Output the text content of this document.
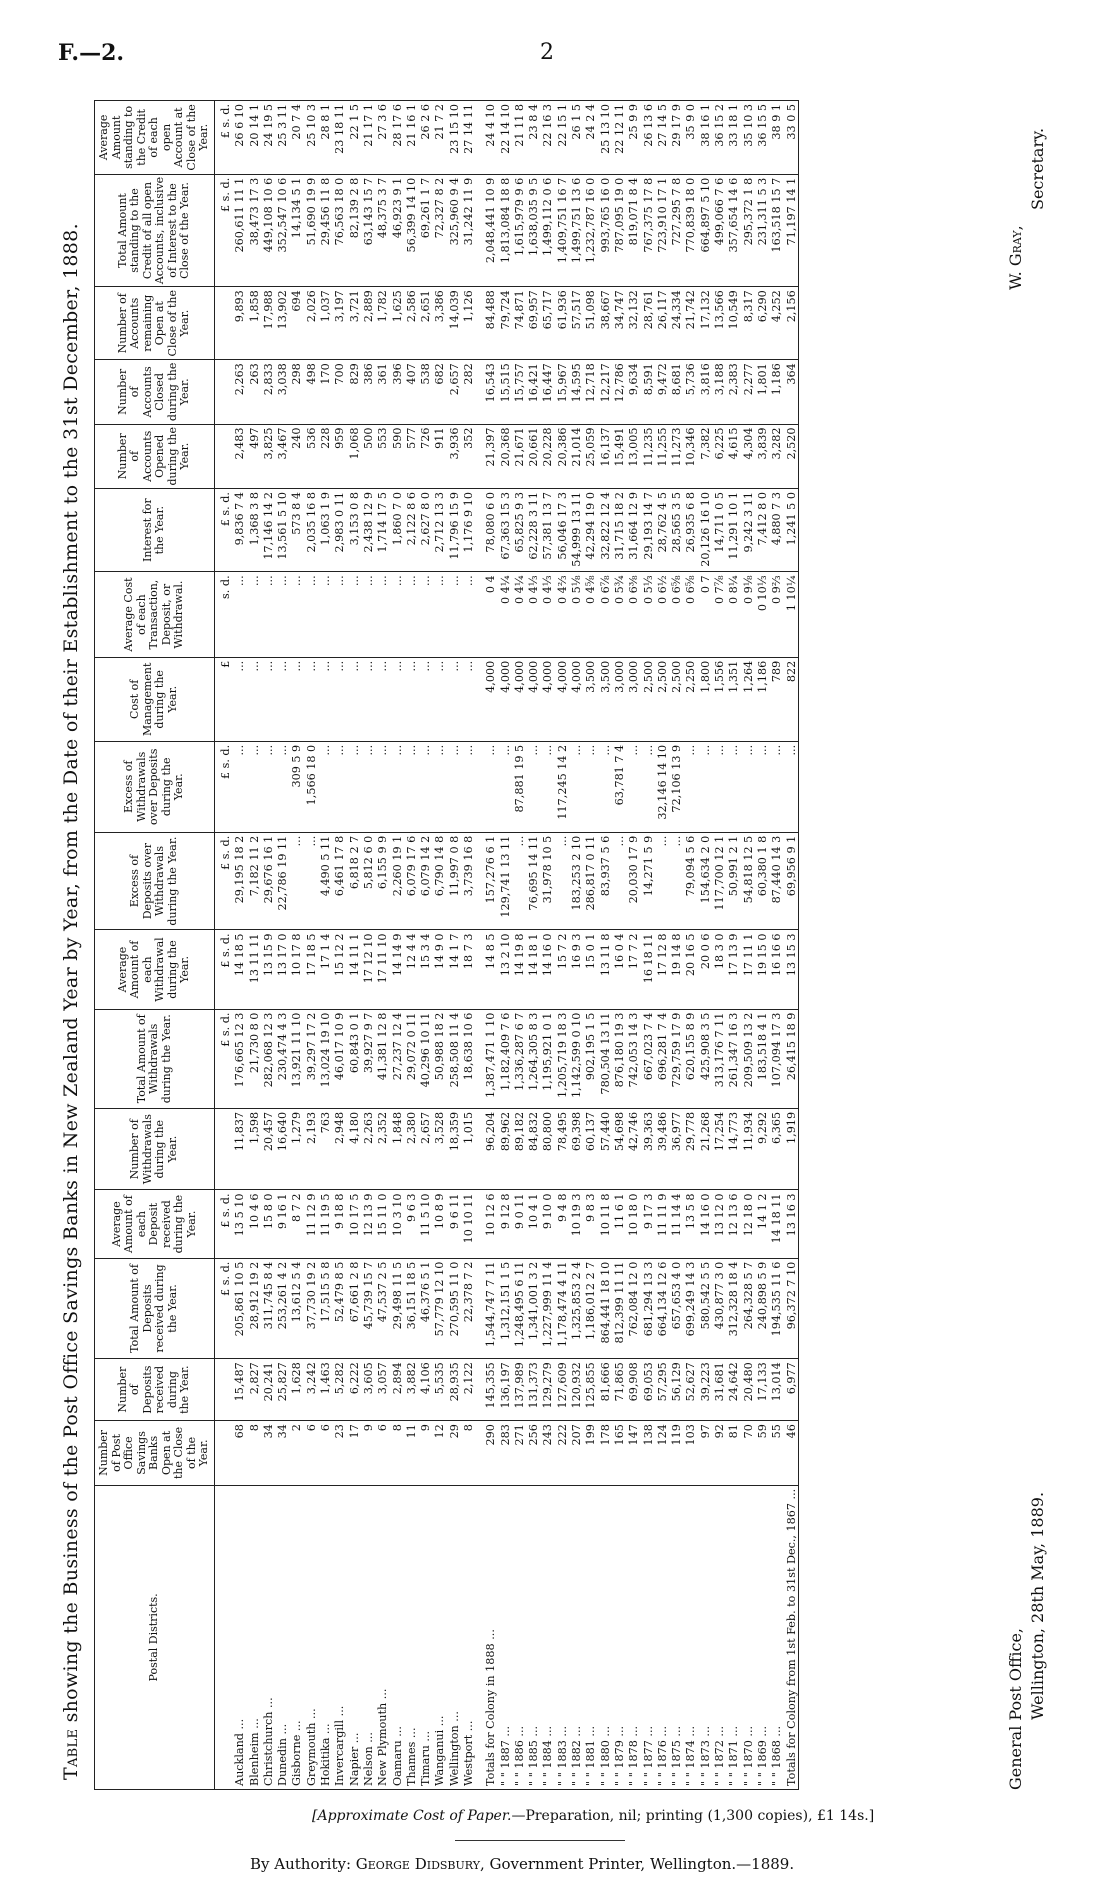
F.—2.	2
Table showing the Business of the Post Office Savings Banks in New Zealand Year by Year, from the Date of their Establishment to the 31st December, 1888.	Postal Districts.	Number of Post Office Savings Banks Open at the Close of the Year.	Number of Deposits received during the Year.	Total Amount of Deposits received during the Year.	Average Amount of each Deposit received during the Year.	Number of Withdrawals during the Year.	Total Amount of Withdrawals during the Year.	Average Amount of each Withdrawal during the Year.	Excess of Deposits over Withdrawals during the Year.	Excess of Withdrawals over Deposits during the Year.	Cost of Management during the Year.	Average Cost of each Transaction, Deposit, or Withdrawal.	Interest for the Year.	Number of Accounts Opened during the Year.	Number of Accounts Closed during the Year.	Number of Accounts remaining Open at Close of the Year.	Total Amount standing to the Credit of all open Accounts, inclusive of Interest to the Close of the Year.	Average Amount standing to the Credit of each open Account at Close of the Year.
			£ s. d.	£ s. d.		£ s. d.	£ s. d.	£ s. d.	£ s. d.	£	s. d.	£ s. d.				£ s. d.	£ s. d.
Auckland ...	68	15,487	205,861 10 5	13 5 10	11,837	176,665 12 3	14 18 5	29,195 18 2	...	...	...	9,836 7 4	2,483	2,263	9,893	260,611 11 1	26 6 10
Blenheim ...	8	2,827	28,912 19 2	10 4 6	1,598	21,730 8 0	13 11 11	7,182 11 2	...	...	...	1,368 3 8	497	263	1,858	38,473 17 3	20 14 1
Christchurch ...	34	20,241	311,745 8 4	15 8 0	20,457	282,068 12 3	13 15 9	29,676 16 1	...	...	...	17,146 14 2	3,825	2,833	17,988	449,108 10 6	24 19 5
Dunedin ...	34	25,827	253,261 4 2	9 16 1	16,640	230,474 4 3	13 17 0	22,786 19 11	...	...	...	13,561 5 10	3,467	3,038	13,902	352,547 10 6	25 3 11
Gisborne ...	2	1,628	13,612 5 4	8 7 2	1,279	13,921 11 10	10 17 8	...	309 5 9	...	...	573 8 4	240	298	694	14,134 5 1	20 7 4
Greymouth ...	6	3,242	37,730 19 2	11 12 9	2,193	39,297 17 2	17 18 5	...	1,566 18 0	...	...	2,035 16 8	536	498	2,026	51,690 19 9	25 10 3
Hokitika ...	6	1,463	17,515 5 8	11 19 5	763	13,024 19 10	17 1 4	4,490 5 11	...	...	...	1,063 1 9	228	170	1,037	29,456 11 8	28 8 1
Invercargill ...	23	5,282	52,479 8 5	9 18 8	2,948	46,017 10 9	15 12 2	6,461 17 8	...	...	...	2,983 0 11	959	700	3,197	76,563 18 0	23 18 11
Napier ...	17	6,222	67,661 2 8	10 17 5	4,180	60,843 0 1	14 11 1	6,818 2 7	...	...	...	3,153 0 8	1,068	829	3,721	82,139 2 8	22 1 5
Nelson ...	9	3,605	45,739 15 7	12 13 9	2,263	39,927 9 7	17 12 10	5,812 6 0	...	...	...	2,438 12 9	500	386	2,889	63,143 15 7	21 17 1
New Plymouth ...	6	3,057	47,537 2 5	15 11 0	2,352	41,381 12 8	17 11 10	6,155 9 9	...	...	...	1,714 17 5	553	361	1,782	48,375 3 7	27 3 6
Oamaru ...	8	2,894	29,498 11 5	10 3 10	1,848	27,237 12 4	14 14 9	2,260 19 1	...	...	...	1,860 7 0	590	396	1,625	46,923 9 1	28 17 6
Thames ...	11	3,882	36,151 18 5	9 6 3	2,380	29,072 0 11	12 4 4	6,079 17 6	...	...	...	2,122 8 6	577	407	2,586	56,399 14 10	21 16 1
Timaru ...	9	4,106	46,376 5 1	11 5 10	2,657	40,296 10 11	15 3 4	6,079 14 2	...	...	...	2,627 8 0	726	538	2,651	69,261 1 7	26 2 6
Wanganui ...	12	5,535	57,779 12 10	10 8 9	3,528	50,988 18 2	14 9 0	6,790 14 8	...	...	...	2,712 13 3	911	682	3,386	72,327 8 2	21 7 2
Wellington ...	29	28,935	270,595 11 0	9 6 11	18,359	258,508 11 4	14 1 7	11,997 0 8	...	...	...	11,796 15 9	3,936	2,657	14,039	325,960 9 4	23 15 10
Westport ...	8	2,122	22,378 7 2	10 10 11	1,015	18,638 10 6	18 7 3	3,739 16 8	...	...	...	1,176 9 10	352	282	1,126	31,242 11 9	27 14 11

Totals for Colony in 1888 ...	290	145,355	1,544,747 7 11	10 12 6	96,204	1,387,471 1 10	14 8 5	157,276 6 1	...	4,000	0 4	78,080 6 0	21,397	16,543	84,488	2,048,441 10 9	24 4 10
" " 1887 ...	283	136,197	1,312,151 1 5	9 12 8	89,962	1,182,409 7 6	13 2 10	129,741 13 11	...	4,000	0 4¼	67,363 15 3	20,368	15,515	79,724	1,813,084 18 8	22 14 10
" " 1886 ...	271	137,989	1,248,495 6 11	9 0 11	89,182	1,336,287 6 7	14 19 8	...	87,881 19 5	4,000	0 4¼	65,825 9 3	21,671	15,757	74,871	1,615,979 9 6	21 11 8
" " 1885 ...	256	131,373	1,341,001 3 2	10 4 1	84,832	1,264,305 8 3	14 18 1	76,695 14 11	...	4,000	0 4⅓	62,228 3 11	20,661	16,421	69,957	1,638,035 9 5	23 8 4
" " 1884 ...	243	129,279	1,227,999 11 4	9 10 0	80,800	1,195,921 0 1	14 16 0	31,978 10 5	...	4,000	0 4⅓	57,381 13 7	20,228	16,447	65,717	1,499,112 0 6	22 16 3
" " 1883 ...	222	127,609	1,178,474 4 11	9 4 8	78,495	1,205,719 18 3	15 7 2	...	117,245 14 2	4,000	0 4⅔	56,046 17 3	20,386	15,967	61,936	1,409,751 16 7	22 15 1
" " 1882 ...	207	120,932	1,325,853 2 4	10 19 3	69,398	1,142,599 0 10	16 9 3	183,253 2 10	...	4,000	0 5⅛	54,999 13 11	21,014	14,595	57,517	1,499,751 13 6	26 1 5
" " 1881 ...	199	125,855	1,186,012 2 7	9 8 3	60,137	902,195 1 5	15 0 1	286,817 0 11	...	3,500	0 4⅝	42,294 19 0	25,059	12,718	51,098	1,232,787 16 0	24 2 4
" " 1880 ...	178	81,666	864,441 18 10	10 11 8	57,440	780,504 13 11	13 11 8	83,937 5 6	...	3,500	0 6⅞	32,822 12 4	16,137	12,217	38,667	993,765 16 0	25 13 10
" " 1879 ...	165	71,865	812,399 11 11	11 6 1	54,698	876,180 19 3	16 0 4	...	63,781 7 4	3,000	0 5¾	31,715 18 2	15,491	12,786	34,747	787,095 19 0	22 12 11
" " 1878 ...	147	69,908	762,084 12 0	10 18 0	42,746	742,053 14 3	17 7 2	20,030 17 9	...	3,000	0 6⅜	31,664 12 9	13,005	9,634	32,132	819,071 8 4	25 9 9
" " 1877 ...	138	69,053	681,294 13 3	9 17 3	39,363	667,023 7 4	16 18 11	14,271 5 9	...	2,500	0 5⅓	29,193 14 7	11,235	8,591	28,761	767,375 17 8	26 13 6
" " 1876 ...	124	57,295	664,134 12 6	11 11 9	39,486	696,281 7 4	17 12 8	...	32,146 14 10	2,500	0 6½	28,762 4 5	11,255	9,472	26,117	723,910 17 1	27 14 5
" " 1875 ...	119	56,129	657,653 4 0	11 14 4	36,977	729,759 17 9	19 14 8	...	72,106 13 9	2,500	0 6⅝	28,565 3 5	11,273	8,681	24,334	727,295 7 8	29 17 9
" " 1874 ...	103	52,627	699,249 14 3	13 5 8	29,778	620,155 8 9	20 16 5	79,094 5 6	...	2,250	0 6⅝	26,935 6 8	10,346	5,736	21,742	770,839 18 0	35 9 0
" " 1873 ...	97	39,223	580,542 5 5	14 16 0	21,268	425,908 3 5	20 0 6	154,634 2 0	...	1,800	0 7	20,126 16 10	7,382	3,816	17,132	664,897 5 10	38 16 1
" " 1872 ...	92	31,681	430,877 3 0	13 12 0	17,254	313,176 7 11	18 3 0	117,700 12 1	...	1,556	0 7⅞	14,711 0 5	6,225	3,188	13,566	499,066 7 6	36 15 2
" " 1871 ...	81	24,642	312,328 18 4	12 13 6	14,773	261,347 16 3	17 13 9	50,991 2 1	...	1,351	0 8¼	11,291 10 1	4,615	2,383	10,549	357,654 14 6	33 18 1
" " 1870 ...	70	20,480	264,328 5 7	12 18 0	11,934	209,509 13 2	17 11 1	54,818 12 5	...	1,264	0 9⅛	9,242 3 11	4,304	2,277	8,317	295,372 1 8	35 10 3
" " 1869 ...	59	17,133	240,898 5 9	14 1 2	9,292	183,518 4 1	19 15 0	60,380 1 8	...	1,186	0 10⅓	7,412 8 0	3,839	1,801	6,290	231,311 5 3	36 15 5
" " 1868 ...	55	13,014	194,535 11 6	14 18 11	6,365	107,094 17 3	16 16 6	87,440 14 3	...	789	0 9⅔	4,880 7 3	3,282	1,186	4,252	163,518 15 7	38 9 1
Totals for Colony from 1st Feb. to 31st Dec., 1867 ...	46	6,977	96,372 7 10	13 16 3	1,919	26,415 18 9	13 15 3	69,956 9 1	...	822	1 10¼	1,241 5 0	2,520	364	2,156	71,197 14 1	33 0 5
General Post Office, Wellington, 28th May, 1889.
W. Gray,
Secretary.
[Approximate Cost of Paper.—Preparation, nil; printing (1,300 copies), £1 14s.]
By Authority: George Didsbury, Government Printer, Wellington.—1889.
